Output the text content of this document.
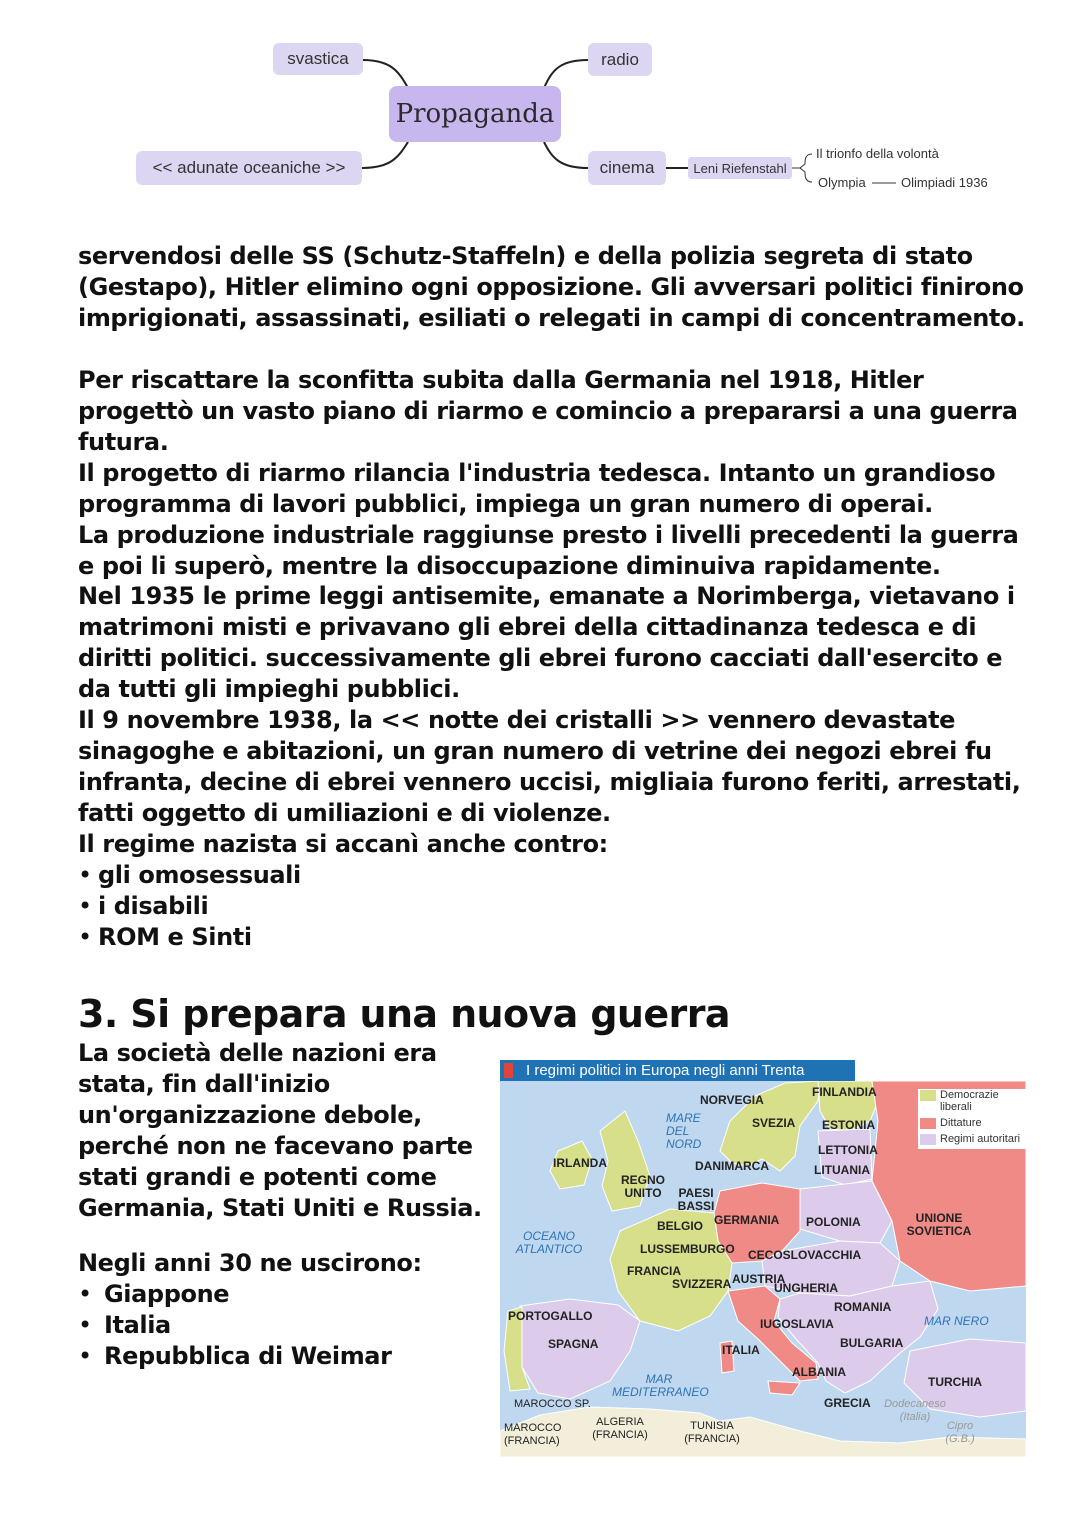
svastica
<< adunate oceaniche >>
Propaganda
radio
cinema	Leni Riefenstahl
Il trionfo della volontà
Olympia	Olimpiadi 1936

servendosi delle SS (Schutz-Staffeln) e della polizia segreta di stato (Gestapo), Hitler elimino ogni opposizione. Gli avversari politici finirono imprigionati, assassinati, esiliati o relegati in campi di concentramento.

Per riscattare la sconfitta subita dalla Germania nel 1918, Hitler progettò un vasto piano di riarmo e comincio a prepararsi a una guerra futura.

Il progetto di riarmo rilancia l'industria tedesca. Intanto un grandioso programma di lavori pubblici, impiega un gran numero di operai.

La produzione industriale raggiunse presto i livelli precedenti la guerra e poi li superò, mentre la disoccupazione diminuiva rapidamente.

Nel 1935 le prime leggi antisemite, emanate a Norimberga, vietavano i matrimoni misti e privavano gli ebrei della cittadinanza tedesca e di diritti politici. successivamente gli ebrei furono cacciati dall'esercito e da tutti gli impieghi pubblici.

Il 9 novembre 1938, la << notte dei cristalli >> vennero devastate sinagoghe e abitazioni, un gran numero di vetrine dei negozi ebrei fu infranta, decine di ebrei vennero uccisi, migliaia furono feriti, arrestati, fatti oggetto di umiliazioni e di violenze.

Il regime nazista si accanì anche contro:

• gli omosessuali
• i disabili
• ROM e Sinti
3. Si prepara una nuova guerra

La società delle nazioni era stata, fin dall'inizio un'organizzazione debole, perché non ne facevano parte stati grandi e potenti come Germania, Stati Uniti e Russia.

Negli anni 30 ne uscirono:

• Giappone
• Italia
• Repubblica di Weimar
I regimi politici in Europa negli anni Trenta
NORVEGIA
FINLANDIA
MARE DEL NORD
SVEZIA ESTONIA
IRLANDA	DANIMARCA
LETTONIA
LITUANIA
REGNO UNITO	PAESI BASSI
BELGIO GERMANIA POLONIA	UNIONE SOVIETICA
OCEANO ATLANTICO	LUSSEMBURGO CECOSLOVACCHIA
FRANCIA
SVIZZERA AUSTRIA
UNGHERIA
ROMANIA
PORTOGALLO
IUGOSLAVIA	MAR NERO
SPAGNA	ITALIA	BULGARIA
ALBANIA
TURCHIA
MAR MEDITERRANEO
MAROCCO SP.	GRECIA	Dodecaneso (Italia)
MAROCCO (FRANCIA)
ALGERIA (FRANCIA)
TUNISIA (FRANCIA)
Cipro (G.B.)
Democrazie liberali
Dittature
Regimi autoritari
